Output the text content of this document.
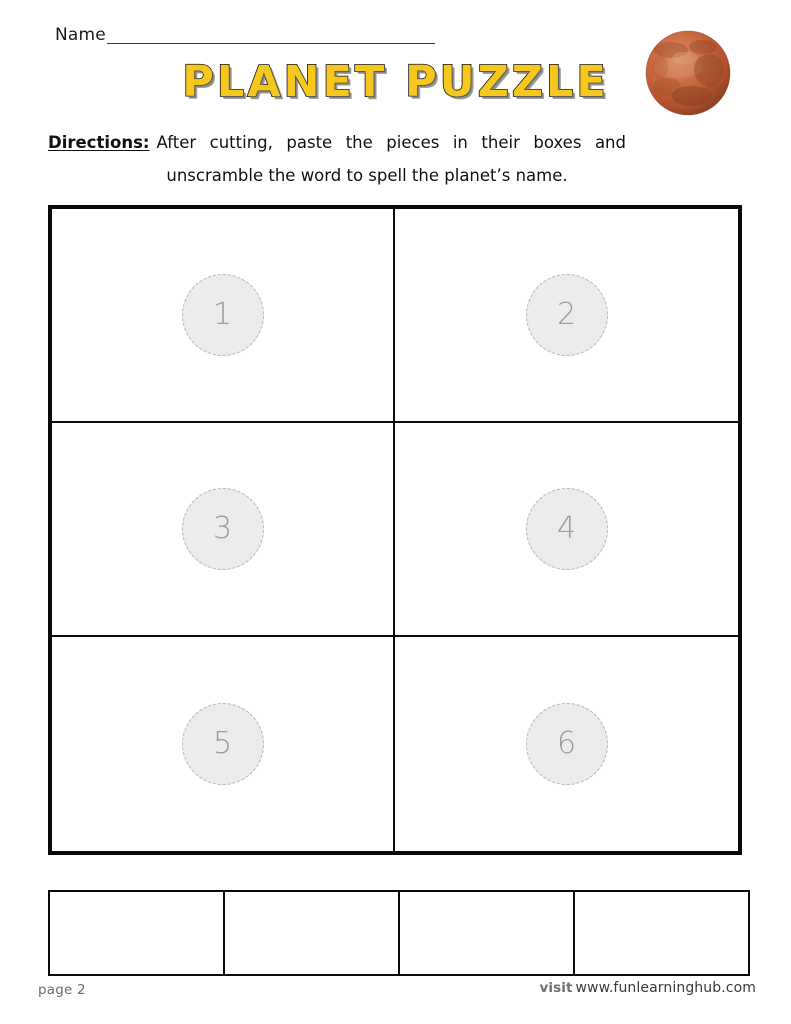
Name
PLANET PUZZLE
Directions: After cutting, paste the pieces in their boxes and
unscramble the word to spell the planet’s name.
1	2
3	4
5	6
page 2	visit www.funlearninghub.com
